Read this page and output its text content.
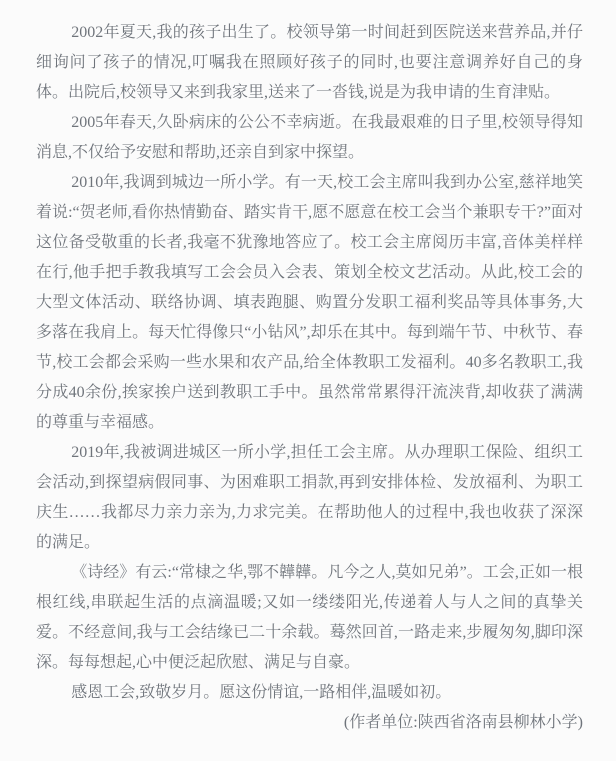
2002年夏天,我的孩子出生了。校领导第一时间赶到医院送来营养品,并仔细询问了孩子的情况,叮嘱我在照顾好孩子的同时,也要注意调养好自己的身体。出院后,校领导又来到我家里,送来了一沓钱,说是为我申请的生育津贴。

2005年春天,久卧病床的公公不幸病逝。在我最艰难的日子里,校领导得知消息,不仅给予安慰和帮助,还亲自到家中探望。

2010年,我调到城边一所小学。有一天,校工会主席叫我到办公室,慈祥地笑着说:“贺老师,看你热情勤奋、踏实肯干,愿不愿意在校工会当个兼职专干?”面对这位备受敬重的长者,我毫不犹豫地答应了。校工会主席阅历丰富,音体美样样在行,他手把手教我填写工会会员入会表、策划全校文艺活动。从此,校工会的大型文体活动、联络协调、填表跑腿、购置分发职工福利奖品等具体事务,大多落在我肩上。每天忙得像只“小钻风”,却乐在其中。每到端午节、中秋节、春节,校工会都会采购一些水果和农产品,给全体教职工发福利。40多名教职工,我分成40余份,挨家挨户送到教职工手中。虽然常常累得汗流浃背,却收获了满满的尊重与幸福感。

2019年,我被调进城区一所小学,担任工会主席。从办理职工保险、组织工会活动,到探望病假同事、为困难职工捐款,再到安排体检、发放福利、为职工庆生……我都尽力亲力亲为,力求完美。在帮助他人的过程中,我也收获了深深的满足。

《诗经》有云:“常棣之华,鄂不韡韡。凡今之人,莫如兄弟”。工会,正如一根根红线,串联起生活的点滴温暖;又如一缕缕阳光,传递着人与人之间的真挚关爱。不经意间,我与工会结缘已二十余载。蓦然回首,一路走来,步履匆匆,脚印深深。每每想起,心中便泛起欣慰、满足与自豪。

感恩工会,致敬岁月。愿这份情谊,一路相伴,温暖如初。

(作者单位:陕西省洛南县柳林小学)
